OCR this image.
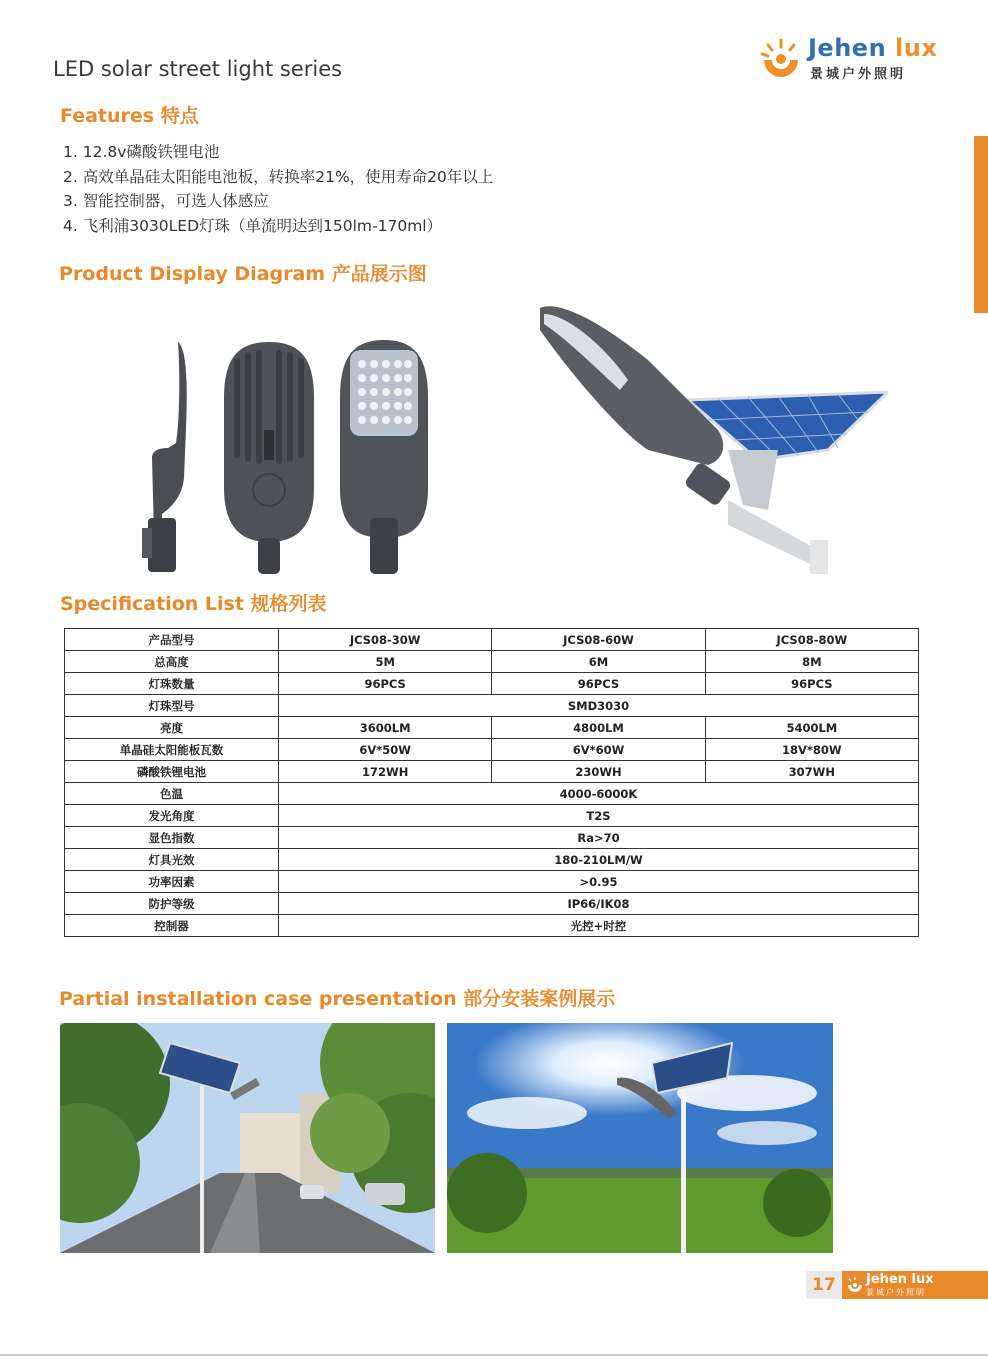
LED solar street light series
Jehen lux
景城户外照明
Features 特点
1. 12.8v磷酸铁锂电池
2. 高效单晶硅太阳能电池板，转换率21%，使用寿命20年以上
3. 智能控制器，可选人体感应
4. 飞利浦3030LED灯珠（单流明达到150lm-170ml）
Product Display Diagram 产品展示图
Specification List 规格列表
产品型号	JCS08-30W	JCS08-60W	JCS08-80W
总高度	5M	6M	8M
灯珠数量	96PCS	96PCS	96PCS
灯珠型号	SMD3030		
亮度	3600LM	4800LM	5400LM
单晶硅太阳能板瓦数	6V*50W	6V*60W	18V*80W
磷酸铁锂电池	172WH	230WH	307WH
色温	4000-6000K		
发光角度	T2S		
显色指数	Ra>70		
灯具光效	180-210LM/W		
功率因素	>0.95		
防护等级	IP66/IK08		
控制器	光控+时控		
Partial installation case presentation 部分安装案例展示
17	Jehen lux
景城户外照明
